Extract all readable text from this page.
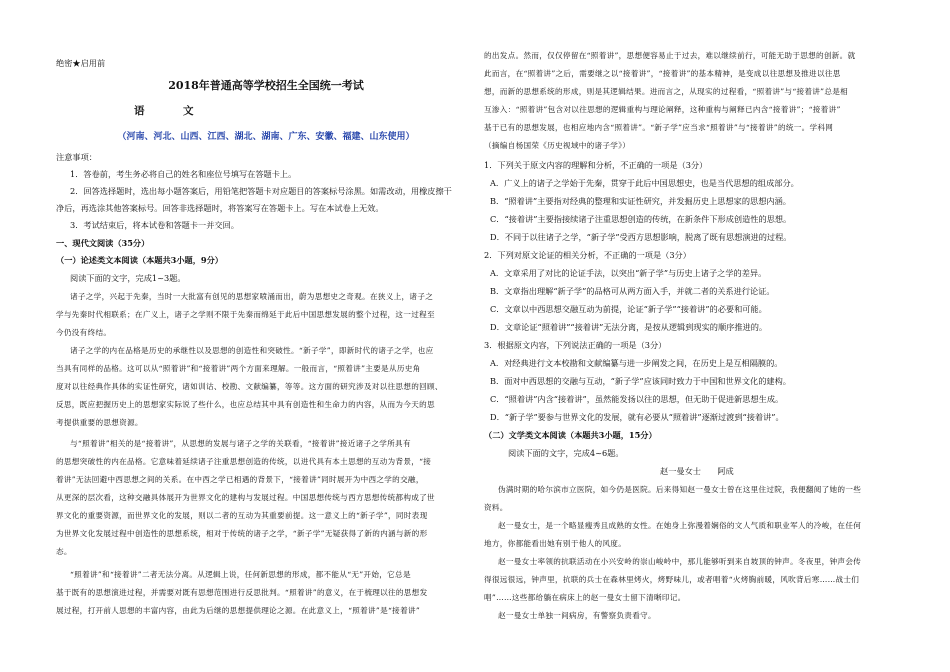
绝密★启用前
2018年普通高等学校招生全国统一考试
语　文
（河南、河北、山西、江西、湖北、湖南、广东、安徽、福建、山东使用）
注意事项：
1．答卷前，考生务必将自己的姓名和座位号填写在答题卡上。
2．回答选择题时，选出每小题答案后，用铅笔把答题卡对应题目的答案标号涂黑。如需改动，用橡皮擦干
净后，再选涂其他答案标号。回答非选择题时，将答案写在答题卡上。写在本试卷上无效。
3．考试结束后，将本试卷和答题卡一并交回。
一、现代文阅读（35分）
（一）论述类文本阅读（本题共3小题，9分）
阅读下面的文字，完成1~3题。
诸子之学，兴起于先秦，当时一大批富有创见的思想家喷涌而出，蔚为思想史之奇观。在狭义上，诸子之
学与先秦时代相联系；在广义上，诸子之学则不限于先秦而绵延于此后中国思想发展的整个过程，这一过程至
今仍没有终结。
诸子之学的内在品格是历史的承继性以及思想的创造性和突破性。“新子学”，即新时代的诸子之学，也应
当具有同样的品格。这可以从“照着讲”和“接着讲”两个方面来理解。一般而言，“照着讲”主要是从历史角
度对以往经典作具体的实证性研究，诸如训诂、校勘、文献编纂，等等。这方面的研究涉及对以往思想的回顾、
反思，既应把握历史上的思想家实际说了些什么，也应总结其中具有创造性和生命力的内容，从而为今天的思
考提供重要的思想资源。
与“照着讲”相关的是“接着讲”，从思想的发展与诸子之学的关联看，“接着讲”接近诸子之学所具有
的思想突破性的内在品格。它意味着延续诸子注重思想创造的传统，以进代具有本土思想的互动为背景，“接
着讲”无法回避中西思想之间的关系。在中西之学已相遇的背景下，“接着讲”同时展开为中西之学的交融，
从更深的层次看，这种交融具体展开为世界文化的建构与发展过程。中国思想传统与西方思想传统都构成了世
界文化的重要资源，而世界文化的发展，则以二者的互动为其重要前提。这一意义上的“新子学”，同时表现
为世界文化发展过程中创造性的思想系统，相对于传统的诸子之学，“新子学”无疑获得了新的内涵与新的形
态。
“照着讲”和“接着讲”二者无法分离。从逻辑上说，任何新思想的形成，都不能从“无”开始，它总是
基于既有的思想演进过程，并需要对既有思想范围进行反思批判。“照着讲”的意义，在于梳理以往的思想发
展过程，打开前人思想的丰富内容，由此为后继的思想提供理论之源。在此意义上，“照着讲”是“接着讲”
的出发点。然而，仅仅停留在“照着讲”，思想便容易止于过去，难以继续前行，可能无助于思想的创新。就
此而言，在“照着讲”之后，需要继之以“接着讲”，“接着讲”的基本精神，是变成以往思想及推进以往思
想，而新的思想系统的形成，则是其逻辑结果。进而言之，从现实的过程看，“照着讲”与“接着讲”总是相
互渗入：“照着讲”包含对以往思想的逻辑重构与理论阐释，这种重构与阐释已内含“接着讲”；“接着讲”
基于已有的思想发展，也相应地内含“照着讲”。“新子学”应当求“照着讲”与“接着讲”的统一。学科网
（摘编自杨国荣《历史视域中的诸子学》）
1．下列关于原文内容的理解和分析，不正确的一项是（3分）
A．广义上的诸子之学始于先秦，贯穿于此后中国思想史，也是当代思想的组成部分。
B．“照着讲”主要指对经典的整理和实证性研究，并发掘历史上思想家的思想内涵。
C．“接着讲”主要指接续诸子注重思想创造的传统，在新条件下形成创造性的思想。
D．不同于以往诸子之学，“新子学”受西方思想影响，脱离了既有思想演进的过程。
2．下列对原文论证的相关分析，不正确的一项是（3分）
A．文章采用了对比的论证手法，以突出“新子学”与历史上诸子之学的差异。
B．文章指出理解“新子学”的品格可从两方面入手，并就二者的关系进行论证。
C．文章以中西思想交融互动为前提，论证“新子学”“接着讲”的必要和可能。
D．文章论证“照着讲”“接着讲”无法分离，是按从逻辑到现实的顺序推进的。
3．根据原文内容，下列说法正确的一项是（3分）
A．对经典进行文本校勘和文献编纂与进一步阐发之间，在历史上是互相隔膜的。
B．面对中西思想的交融与互动，“新子学”应该同时致力于中国和世界文化的建构。
C．“照着讲”内含“接着讲”，虽然能发扬以往的思想，但无助于促进新思想生成。
D．“新子学”要参与世界文化的发展，就有必要从“照着讲”逐渐过渡到“接着讲”。
（二）文学类文本阅读（本题共3小题，15分）
阅读下面的文字，完成4~6题。
赵一曼女士　　阿成
伪满时期的哈尔滨市立医院，如今仍是医院。后来得知赵一曼女士曾在这里住过院，我便翻阅了她的一些
资料。
赵一曼女士，是一个略显瘦秀且成熟的女性。在她身上弥漫着娴俗的文人气质和职业军人的冷峻，在任何
地方，你都能看出她有别于他人的风度。
赵一曼女士率领的抗联活动在小兴安岭的崇山峻岭中，那儿能够听到来自坡顶的钟声。冬夜里，钟声会传
得很远很远，钟声里，抗联的兵士在森林里烤火，烤野味儿，或者唱着“火烤胸前暖，风吹背后寒……战士们
唱”……这些都给躺在病床上的赵一曼女士留下清晰印记。
赵一曼女士单独一间病房，有警察负责看守。
